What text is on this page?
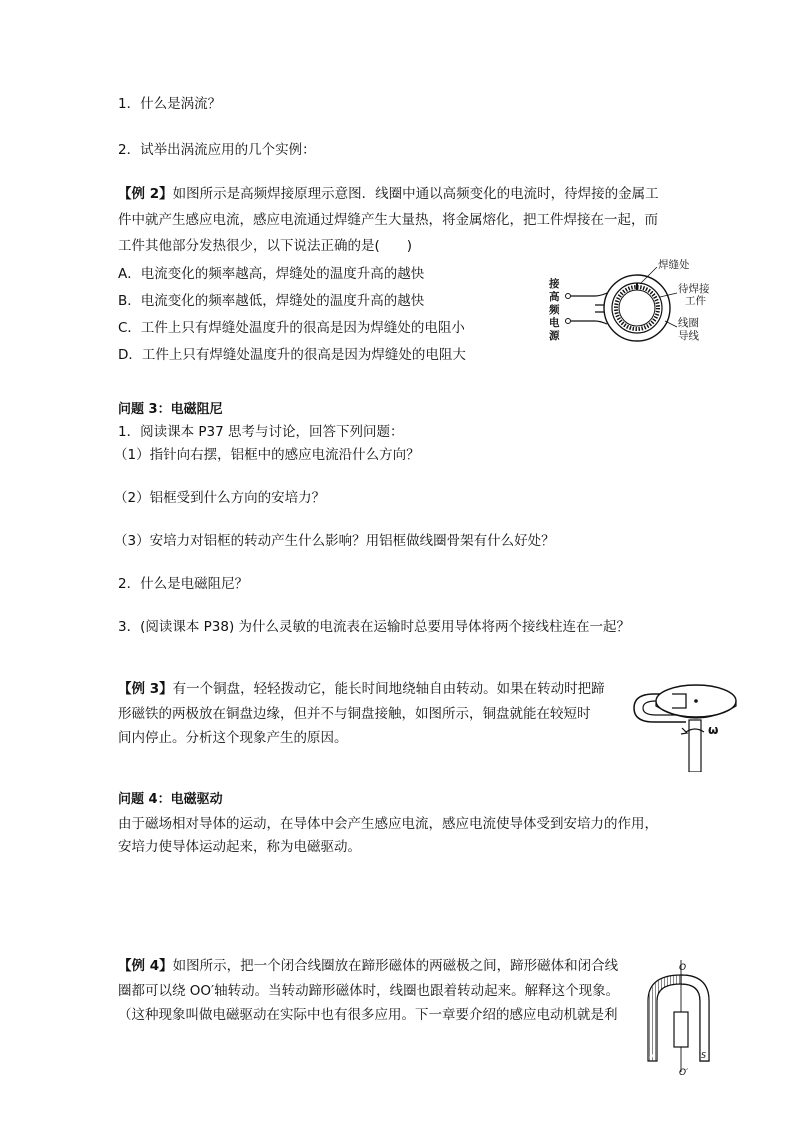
1．什么是涡流？
2．试举出涡流应用的几个实例：
【例 2】如图所示是高频焊接原理示意图．线圈中通以高频变化的电流时，待焊接的金属工
件中就产生感应电流，感应电流通过焊缝产生大量热，将金属熔化，把工件焊接在一起，而
工件其他部分发热很少，以下说法正确的是(　　)
A．电流变化的频率越高，焊缝处的温度升高的越快
B．电流变化的频率越低，焊缝处的温度升高的越快
C．工件上只有焊缝处温度升的很高是因为焊缝处的电阻小
D．工件上只有焊缝处温度升的很高是因为焊缝处的电阻大
接
高
频
电
源
焊缝处
待焊接
工件
线圈
导线
问题 3：电磁阻尼
1．阅读课本 P37 思考与讨论，回答下列问题：
（1）指针向右摆，铝框中的感应电流沿什么方向？
（2）铝框受到什么方向的安培力？
（3）安培力对铝框的转动产生什么影响？用铝框做线圈骨架有什么好处？
2．什么是电磁阻尼？
3．(阅读课本 P38) 为什么灵敏的电流表在运输时总要用导体将两个接线柱连在一起？
【例 3】有一个铜盘，轻轻拨动它，能长时间地绕轴自由转动。如果在转动时把蹄
形磁铁的两极放在铜盘边缘，但并不与铜盘接触，如图所示，铜盘就能在较短时
间内停止。分析这个现象产生的原因。	ω
问题 4：电磁驱动
由于磁场相对导体的运动，在导体中会产生感应电流，感应电流使导体受到安培力的作用，
安培力使导体运动起来，称为电磁驱动。
【例 4】如图所示，把一个闭合线圈放在蹄形磁体的两磁极之间，蹄形磁体和闭合线
圈都可以绕 OO′轴转动。当转动蹄形磁体时，线圈也跟着转动起来。解释这个现象。
（这种现象叫做电磁驱动在实际中也有很多应用。下一章要介绍的感应电动机就是利
O
O′
N	S
